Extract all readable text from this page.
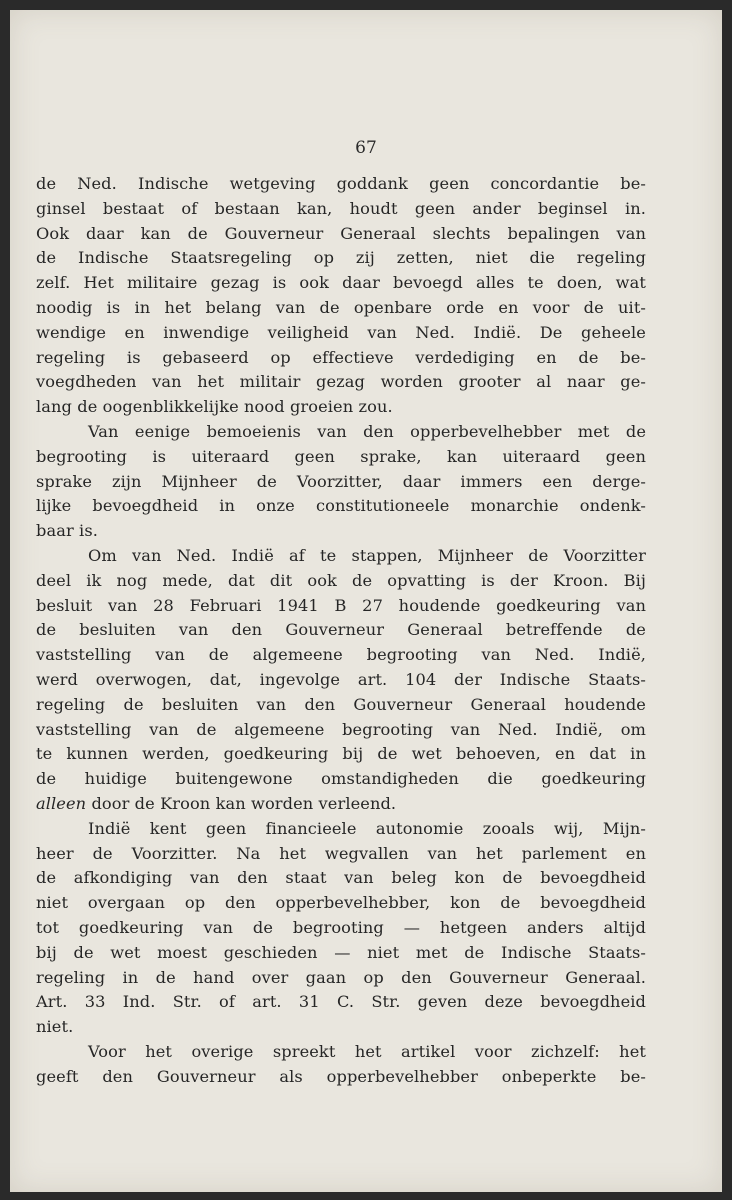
67
de Ned. Indische wetgeving goddank geen concordantie be-
ginsel bestaat of bestaan kan, houdt geen ander beginsel in.
Ook daar kan de Gouverneur Generaal slechts bepalingen van
de Indische Staatsregeling op zij zetten, niet die regeling
zelf. Het militaire gezag is ook daar bevoegd alles te doen, wat
noodig is in het belang van de openbare orde en voor de uit-
wendige en inwendige veiligheid van Ned. Indië. De geheele
regeling is gebaseerd op effectieve verdediging en de be-
voegdheden van het militair gezag worden grooter al naar ge-
lang de oogenblikkelijke nood groeien zou.
Van eenige bemoeienis van den opperbevelhebber met de
begrooting is uiteraard geen sprake, kan uiteraard geen
sprake zijn Mijnheer de Voorzitter, daar immers een derge-
lijke bevoegdheid in onze constitutioneele monarchie ondenk-
baar is.
Om van Ned. Indië af te stappen, Mijnheer de Voorzitter
deel ik nog mede, dat dit ook de opvatting is der Kroon. Bij
besluit van 28 Februari 1941 B 27 houdende goedkeuring van
de besluiten van den Gouverneur Generaal betreffende de
vaststelling van de algemeene begrooting van Ned. Indië,
werd overwogen, dat, ingevolge art. 104 der Indische Staats-
regeling de besluiten van den Gouverneur Generaal houdende
vaststelling van de algemeene begrooting van Ned. Indië, om
te kunnen werden, goedkeuring bij de wet behoeven, en dat in
de huidige buitengewone omstandigheden die goedkeuring
alleen door de Kroon kan worden verleend.
Indië kent geen financieele autonomie zooals wij, Mijn-
heer de Voorzitter. Na het wegvallen van het parlement en
de afkondiging van den staat van beleg kon de bevoegdheid
niet overgaan op den opperbevelhebber, kon de bevoegdheid
tot goedkeuring van de begrooting — hetgeen anders altijd
bij de wet moest geschieden — niet met de Indische Staats-
regeling in de hand over gaan op den Gouverneur Generaal.
Art. 33 Ind. Str. of art. 31 C. Str. geven deze bevoegdheid
niet.
Voor het overige spreekt het artikel voor zichzelf: het
geeft den Gouverneur als opperbevelhebber onbeperkte be-
